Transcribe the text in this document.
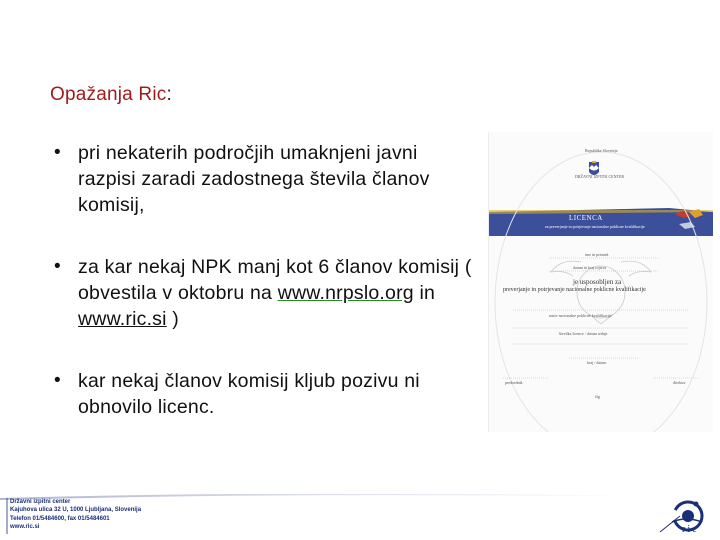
Opažanja Ric:
• pri nekaterih področjih umaknjeni javni razpisi zaradi zadostnega števila članov komisij,
• za kar nekaj NPK manj kot 6 članov komisij ( obvestila v oktobru na www.nrpslo.org in www.ric.si )
• kar nekaj članov komisij kljub pozivu ni obnovilo licenc.
Republika Slovenija
DRŽAVNI IZPITNI CENTER
LICENCA
za preverjanje in potrjevanje nacionalne poklicne kvalifikacije
ime in priimek
datum in kraj rojstva
je usposobljen za
preverjanje in potrjevanje nacionalne poklicne kvalifikacije
naziv nacionalne poklicne kvalifikacije
številka licence / datum izdaje
kraj / datum
predsednik	direktor
žig
Državni izpitni center
Kajuhova ulica 32 U, 1000 Ljubljana, Slovenija
Telefon 01/5484600, fax 01/5484601
www.ric.si	ric
